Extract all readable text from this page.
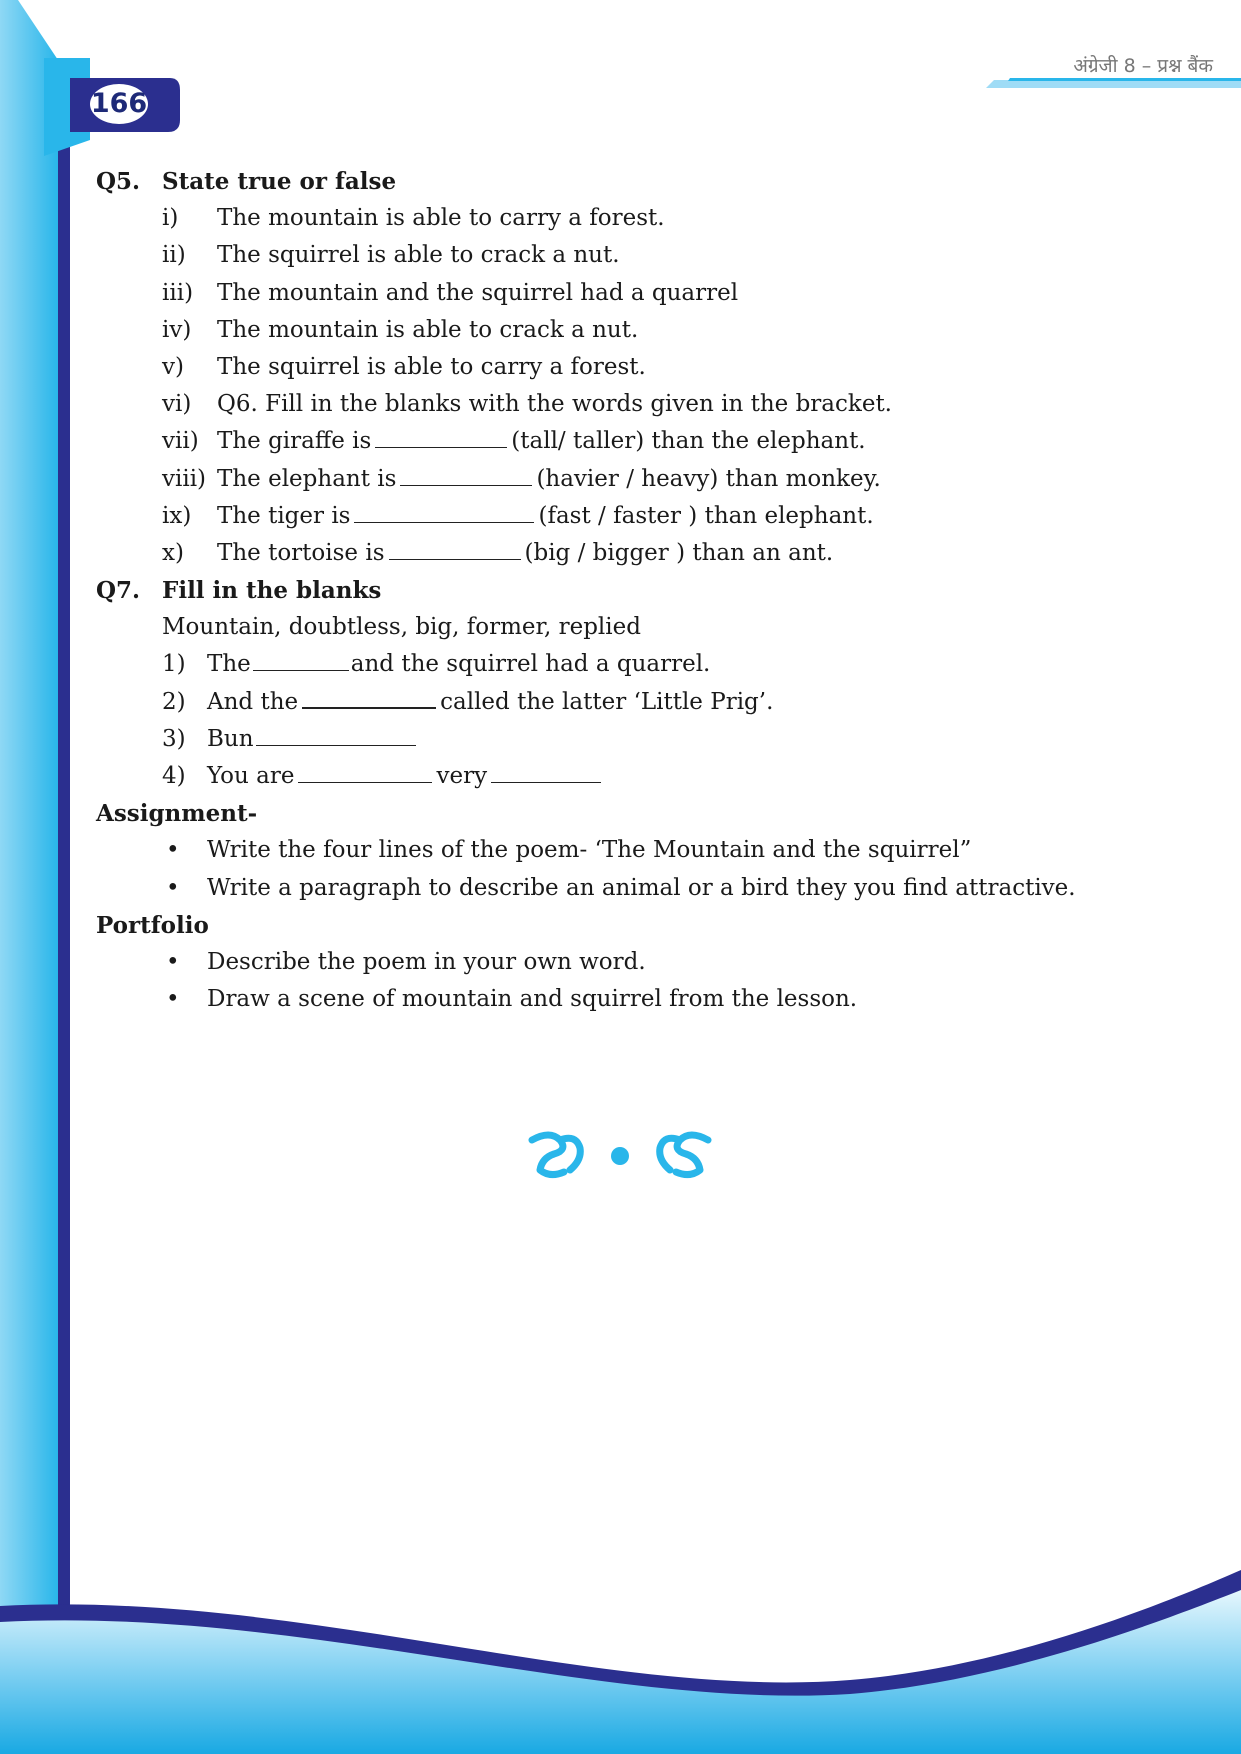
अंग्रेजी 8 – प्रश्न बैंक
166
Q5. State true or false
i) The mountain is able to carry a forest.
ii) The squirrel is able to crack a nut.
iii) The mountain and the squirrel had a quarrel
iv) The mountain is able to crack a nut.
v) The squirrel is able to carry a forest.
vi) Q6. Fill in the blanks with the words given in the bracket.
vii) The giraffe is	(tall/ taller) than the elephant.
viii) The elephant is	(havier / heavy) than monkey.
ix) The tiger is	(fast / faster ) than elephant.
x) The tortoise is	(big / bigger ) than an ant.
Q7. Fill in the blanks
Mountain, doubtless, big, former, replied
1) The	and the squirrel had a quarrel.
2) And the	called the latter ‘Little Prig’.
3) Bun
4) You are	very
Assignment-
• Write the four lines of the poem- ‘The Mountain and the squirrel”
• Write a paragraph to describe an animal or a bird they you find attractive.
Portfolio
• Describe the poem in your own word.
• Draw a scene of mountain and squirrel from the lesson.
